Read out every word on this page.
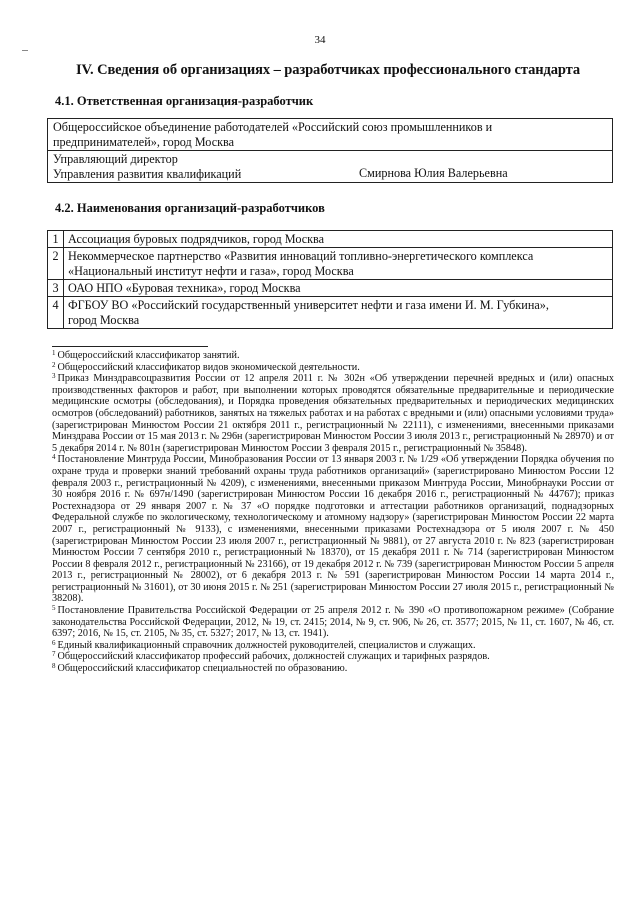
34
IV. Сведения об организациях – разработчиках профессионального стандарта
4.1. Ответственная организация-разработчик
Общероссийское объединение работодателей «Российский союз промышленников и
предпринимателей», город Москва

Управляющий директор
Управления развития квалификаций	Смирнова Юлия Валерьевна
4.2. Наименования организаций-разработчиков
1	Ассоциация буровых подрядчиков, город Москва

2	Некоммерческое партнерство «Развития инноваций топливно-энергетического комплекса
«Национальный институт нефти и газа», город Москва

3	ОАО НПО «Буровая техника», город Москва

4	ФГБОУ ВО «Российский государственный университет нефти и газа имени И. М. Губкина»,
город Москва

$^1$ Общероссийский классификатор занятий.

$^2$ Общероссийский классификатор видов экономической деятельности.

$^3$ Приказ Минздравсоцразвития России от 12 апреля 2011 г. № 302н «Об утверждении перечней вредных и (или) опасных производственных факторов и работ, при выполнении которых проводятся обязательные предварительные и периодические медицинские осмотры (обследования), и Порядка проведения обязательных предварительных и периодических медицинских осмотров (обследований) работников, занятых на тяжелых работах и на работах с вредными и (или) опасными условиями труда» (зарегистрирован Минюстом России 21 октября 2011 г., регистрационный № 22111), с изменениями, внесенными приказами Минздрава России от 15 мая 2013 г. № 296н (зарегистрирован Минюстом России 3 июля 2013 г., регистрационный № 28970) и от 5 декабря 2014 г. № 801н (зарегистрирован Минюстом России 3 февраля 2015 г., регистрационный № 35848).

$^4$ Постановление Минтруда России, Минобразования России от 13 января 2003 г. № 1/29 «Об утверждении Порядка обучения по охране труда и проверки знаний требований охраны труда работников организаций» (зарегистрировано Минюстом России 12 февраля 2003 г., регистрационный № 4209), с изменениями, внесенными приказом Минтруда России, Минобрнауки России от 30 ноября 2016 г. № 697н/1490 (зарегистрирован Минюстом России 16 декабря 2016 г., регистрационный № 44767); приказ Ростехнадзора от 29 января 2007 г. № 37 «О порядке подготовки и аттестации работников организаций, поднадзорных Федеральной службе по экологическому, технологическому и атомному надзору» (зарегистрирован Минюстом России 22 марта 2007 г., регистрационный № 9133), с изменениями, внесенными приказами Ростехнадзора от 5 июля 2007 г. № 450 (зарегистрирован Минюстом России 23 июля 2007 г., регистрационный № 9881), от 27 августа 2010 г. № 823 (зарегистрирован Минюстом России 7 сентября 2010 г., регистрационный № 18370), от 15 декабря 2011 г. № 714 (зарегистрирован Минюстом России 8 февраля 2012 г., регистрационный № 23166), от 19 декабря 2012 г. № 739 (зарегистрирован Минюстом России 5 апреля 2013 г., регистрационный № 28002), от 6 декабря 2013 г. № 591 (зарегистрирован Минюстом России 14 марта 2014 г., регистрационный № 31601), от 30 июня 2015 г. № 251 (зарегистрирован Минюстом России 27 июля 2015 г., регистрационный № 38208).

$^5$ Постановление Правительства Российской Федерации от 25 апреля 2012 г. № 390 «О противопожарном режиме» (Собрание законодательства Российской Федерации, 2012, № 19, ст. 2415; 2014, № 9, ст. 906, № 26, ст. 3577; 2015, № 11, ст. 1607, № 46, ст. 6397; 2016, № 15, ст. 2105, № 35, ст. 5327; 2017, № 13, ст. 1941).

$^6$ Единый квалификационный справочник должностей руководителей, специалистов и служащих.

$^7$ Общероссийский классификатор профессий рабочих, должностей служащих и тарифных разрядов.

$^8$ Общероссийский классификатор специальностей по образованию.
